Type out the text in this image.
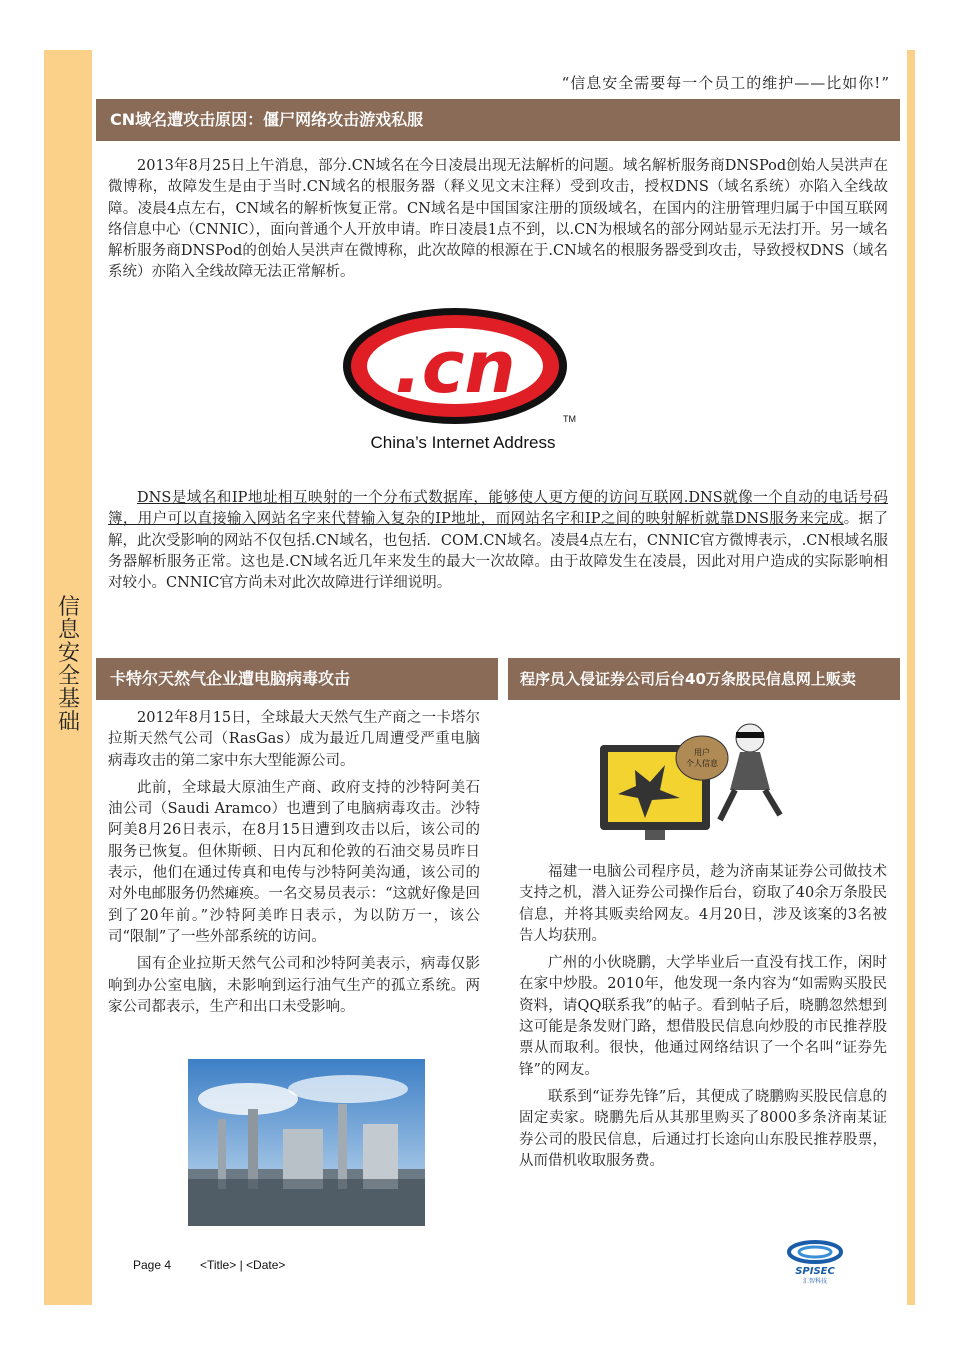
信息安全基础
“信息安全需要每一个员工的维护——比如你!”
CN域名遭攻击原因：僵尸网络攻击游戏私服

2013年8月25日上午消息，部分.CN域名在今日凌晨出现无法解析的问题。域名解析服务商DNSPod创始人吴洪声在微博称，故障发生是由于当时.CN域名的根服务器（释义见文末注释）受到攻击，授权DNS（域名系统）亦陷入全线故障。凌晨4点左右，CN域名的解析恢复正常。CN域名是中国国家注册的顶级域名，在国内的注册管理归属于中国互联网络信息中心（CNNIC），面向普通个人开放申请。昨日凌晨1点不到，以.CN为根域名的部分网站显示无法打开。另一域名解析服务商DNSPod的创始人吴洪声在微博称，此次故障的根源在于.CN域名的根服务器受到攻击，导致授权DNS（域名系统）亦陷入全线故障无法正常解析。

.cn
TM
China’s Internet Address

DNS是域名和IP地址相互映射的一个分布式数据库，能够使人更方便的访问互联网.DNS就像一个自动的电话号码簿，用户可以直接输入网站名字来代替输入复杂的IP地址，而网站名字和IP之间的映射解析就靠DNS服务来完成。据了解，此次受影响的网站不仅包括.CN域名，也包括．COM.CN域名。凌晨4点左右，CNNIC官方微博表示，.CN根域名服务器解析服务正常。这也是.CN域名近几年来发生的最大一次故障。由于故障发生在凌晨，因此对用户造成的实际影响相对较小。CNNIC官方尚未对此次故障进行详细说明。

卡特尔天然气企业遭电脑病毒攻击

2012年8月15日，全球最大天然气生产商之一卡塔尔拉斯天然气公司（RasGas）成为最近几周遭受严重电脑病毒攻击的第二家中东大型能源公司。

此前，全球最大原油生产商、政府支持的沙特阿美石油公司（Saudi Aramco）也遭到了电脑病毒攻击。沙特阿美8月26日表示，在8月15日遭到攻击以后，该公司的服务已恢复。但休斯顿、日内瓦和伦敦的石油交易员昨日表示，他们在通过传真和电传与沙特阿美沟通，该公司的对外电邮服务仍然瘫痪。一名交易员表示：“这就好像是回到了20年前。”沙特阿美昨日表示，为以防万一，该公司“限制”了一些外部系统的访问。

国有企业拉斯天然气公司和沙特阿美表示，病毒仅影响到办公室电脑，未影响到运行油气生产的孤立系统。两家公司都表示，生产和出口未受影响。

程序员入侵证券公司后台40万条股民信息网上贩卖
用户
个人信息

福建一电脑公司程序员，趁为济南某证券公司做技术支持之机，潜入证券公司操作后台，窃取了40余万条股民信息，并将其贩卖给网友。4月20日，涉及该案的3名被告人均获刑。

广州的小伙晓鹏，大学毕业后一直没有找工作，闲时在家中炒股。2010年，他发现一条内容为“如需购买股民资料，请QQ联系我”的帖子。看到帖子后，晓鹏忽然想到这可能是条发财门路，想借股民信息向炒股的市民推荐股票从而取利。很快，他通过网络结识了一个名叫“证券先锋”的网友。

联系到“证券先锋”后，其便成了晓鹏购买股民信息的固定卖家。晓鹏先后从其那里购买了8000多条济南某证券公司的股民信息，后通过打长途向山东股民推荐股票，从而借机收取服务费。

Page 4 <Title> | <Date>	SPISEC
汇智科技
